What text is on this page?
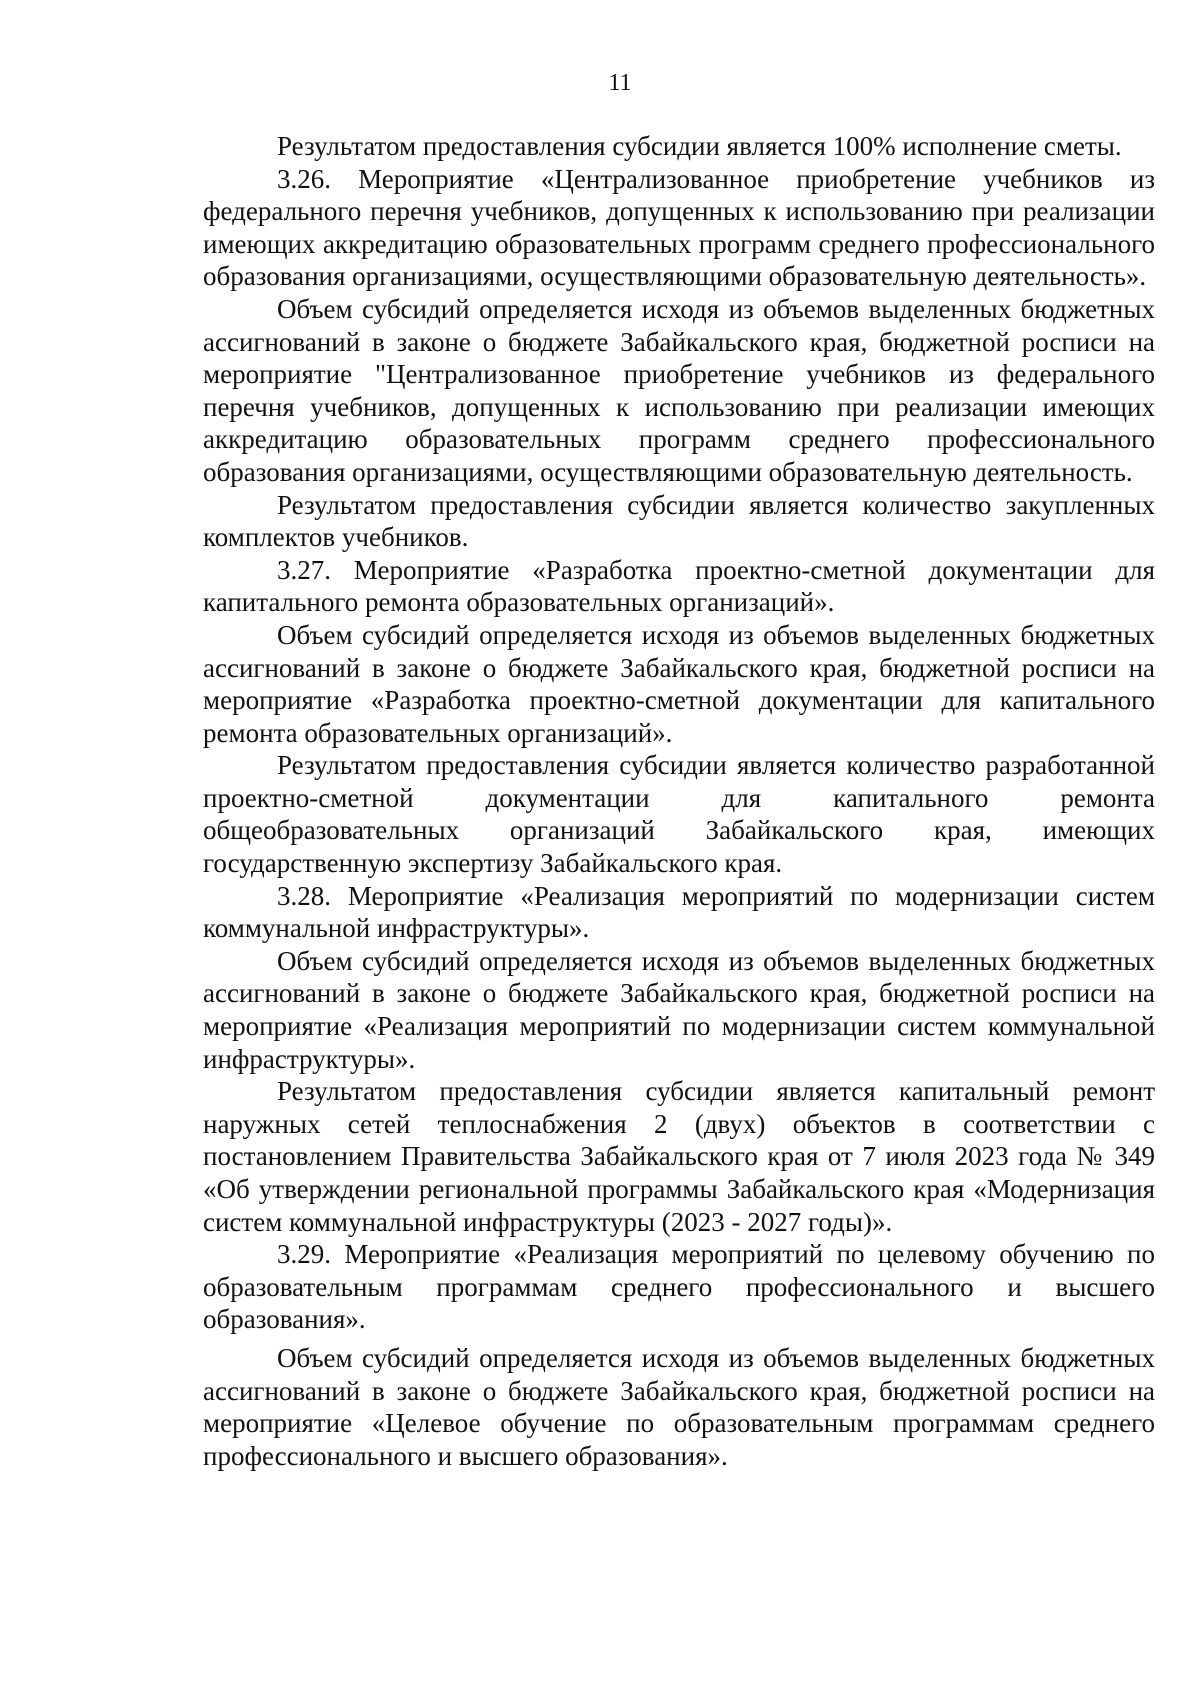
11

Результатом предоставления субсидии является 100% исполнение сметы.

3.26. Мероприятие «Централизованное приобретение учебников из федерального перечня учебников, допущенных к использованию при реализации имеющих аккредитацию образовательных программ среднего профессионального образования организациями, осуществляющими образовательную деятельность».

Объем субсидий определяется исходя из объемов выделенных бюджетных ассигнований в законе о бюджете Забайкальского края, бюджетной росписи на мероприятие "Централизованное приобретение учебников из федерального перечня учебников, допущенных к использованию при реализации имеющих аккредитацию образовательных программ среднего профессионального образования организациями, осуществляющими образовательную деятельность.

Результатом предоставления субсидии является количество закупленных комплектов учебников.

3.27. Мероприятие «Разработка проектно-сметной документации для капитального ремонта образовательных организаций».

Объем субсидий определяется исходя из объемов выделенных бюджетных ассигнований в законе о бюджете Забайкальского края, бюджетной росписи на мероприятие «Разработка проектно-сметной документации для капитального ремонта образовательных организаций».

Результатом предоставления субсидии является количество разработанной проектно-сметной документации для капитального ремонта общеобразовательных организаций Забайкальского края, имеющих государственную экспертизу Забайкальского края.

3.28. Мероприятие «Реализация мероприятий по модернизации систем коммунальной инфраструктуры».

Объем субсидий определяется исходя из объемов выделенных бюджетных ассигнований в законе о бюджете Забайкальского края, бюджетной росписи на мероприятие «Реализация мероприятий по модернизации систем коммунальной инфраструктуры».

Результатом предоставления субсидии является капитальный ремонт наружных сетей теплоснабжения 2 (двух) объектов в соответствии с постановлением Правительства Забайкальского края от 7 июля 2023 года № 349 «Об утверждении региональной программы Забайкальского края «Модернизация систем коммунальной инфраструктуры (2023 - 2027 годы)».

3.29. Мероприятие «Реализация мероприятий по целевому обучению по образовательным программам среднего профессионального и высшего образования».

Объем субсидий определяется исходя из объемов выделенных бюджетных ассигнований в законе о бюджете Забайкальского края, бюджетной росписи на мероприятие «Целевое обучение по образовательным программам среднего профессионального и высшего образования».
